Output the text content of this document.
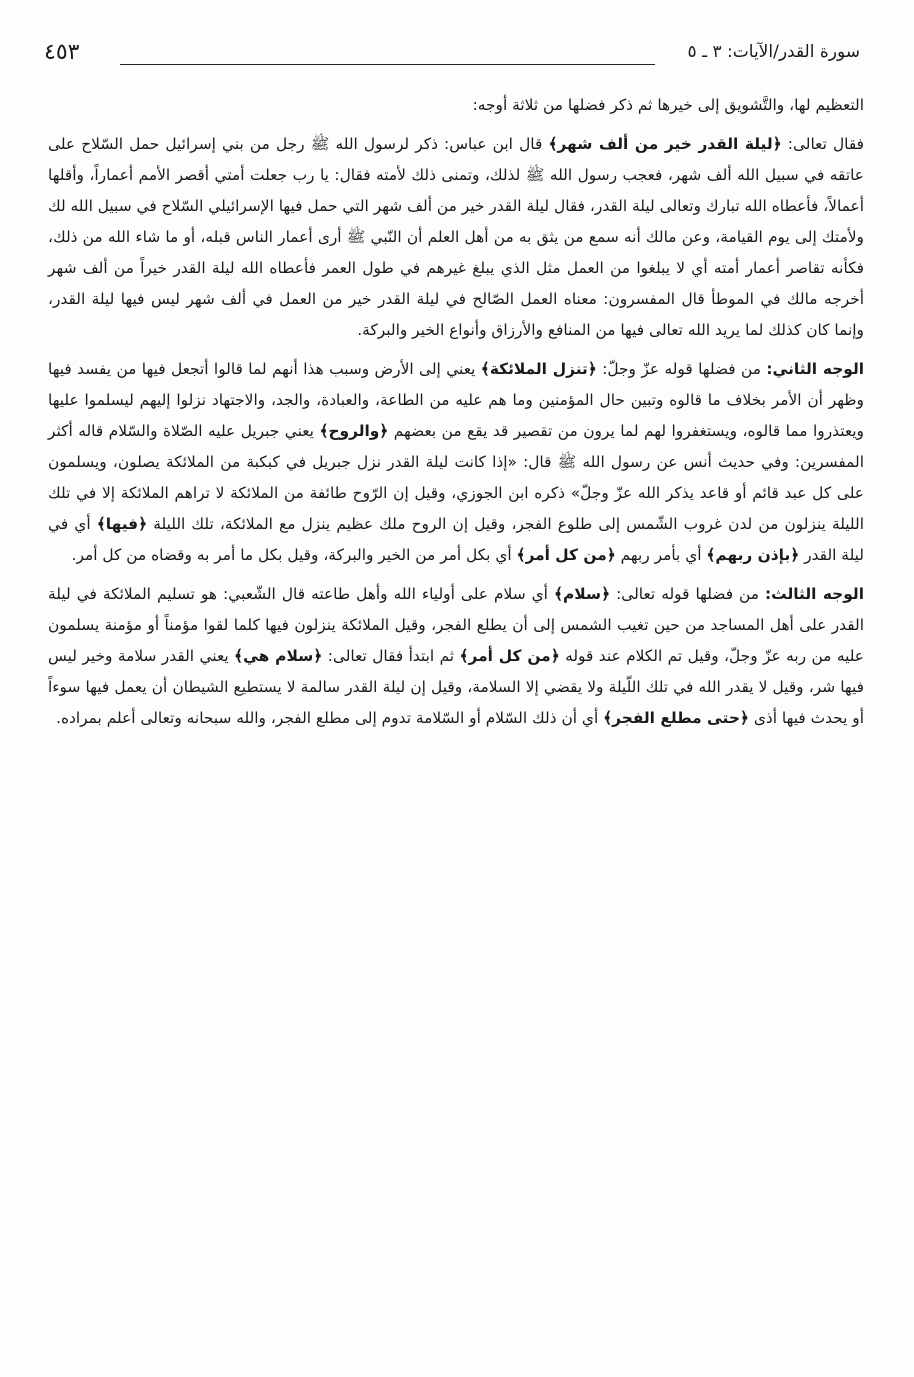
سورة القدر/الآيات: ٣ ـ ٥
٤٥٣

التعظيم لها، والتَّشويق إلى خيرها ثم ذكر فضلها من ثلاثة أوجه:

فقال تعالى: ﴿ليلة القدر خير من ألف شهر﴾ قال ابن عباس: ذكر لرسول الله ﷺ رجل من بني إسرائيل حمل السّلاح على عاتقه في سبيل الله ألف شهر، فعجب رسول الله ﷺ لذلك، وتمنى ذلك لأمته فقال: يا رب جعلت أمتي أقصر الأمم أعماراً، وأقلها أعمالاً، فأعطاه الله تبارك وتعالى ليلة القدر، فقال ليلة القدر خير من ألف شهر التي حمل فيها الإسرائيلي السّلاح في سبيل الله لك ولأمتك إلى يوم القيامة، وعن مالك أنه سمع من يثق به من أهل العلم أن النّبي ﷺ أرى أعمار الناس قبله، أو ما شاء الله من ذلك، فكأنه تقاصر أعمار أمته أي لا يبلغوا من العمل مثل الذي يبلغ غيرهم في طول العمر فأعطاه الله ليلة القدر خيراً من ألف شهر أخرجه مالك في الموطأ قال المفسرون: معناه العمل الصّالح في ليلة القدر خير من العمل في ألف شهر ليس فيها ليلة القدر، وإنما كان كذلك لما يريد الله تعالى فيها من المنافع والأرزاق وأنواع الخير والبركة.

الوجه الثاني: من فضلها قوله عزّ وجلّ: ﴿تنزل الملائكة﴾ يعني إلى الأرض وسبب هذا أنهم لما قالوا أتجعل فيها من يفسد فيها وظهر أن الأمر بخلاف ما قالوه وتبين حال المؤمنين وما هم عليه من الطاعة، والعبادة، والجد، والاجتهاد نزلوا إليهم ليسلموا عليها ويعتذروا مما قالوه، ويستغفروا لهم لما يرون من تقصير قد يقع من بعضهم ﴿والروح﴾ يعني جبريل عليه الصّلاة والسّلام قاله أكثر المفسرين: وفي حديث أنس عن رسول الله ﷺ قال: «إذا كانت ليلة القدر نزل جبريل في كبكبة من الملائكة يصلون، ويسلمون على كل عبد قائم أو قاعد يذكر الله عزّ وجلّ» ذكره ابن الجوزي، وقيل إن الرّوح طائفة من الملائكة لا تراهم الملائكة إلا في تلك الليلة ينزلون من لدن غروب الشّمس إلى طلوع الفجر، وقيل إن الروح ملك عظيم ينزل مع الملائكة، تلك الليلة ﴿فيها﴾ أي في ليلة القدر ﴿بإذن ربهم﴾ أي بأمر ربهم ﴿من كل أمر﴾ أي بكل أمر من الخير والبركة، وقيل بكل ما أمر به وقضاه من كل أمر.

الوجه الثالث: من فضلها قوله تعالى: ﴿سلام﴾ أي سلام على أولياء الله وأهل طاعته قال الشّعبي: هو تسليم الملائكة في ليلة القدر على أهل المساجد من حين تغيب الشمس إلى أن يطلع الفجر، وقيل الملائكة ينزلون فيها كلما لقوا مؤمناً أو مؤمنة يسلمون عليه من ربه عزّ وجلّ، وقيل تم الكلام عند قوله ﴿من كل أمر﴾ ثم ابتدأ فقال تعالى: ﴿سلام هي﴾ يعني القدر سلامة وخير ليس فيها شر، وقيل لا يقدر الله في تلك اللّيلة ولا يقضي إلا السلامة، وقيل إن ليلة القدر سالمة لا يستطيع الشيطان أن يعمل فيها سوءاً أو يحدث فيها أذى ﴿حتى مطلع الفجر﴾ أي أن ذلك السّلام أو السّلامة تدوم إلى مطلع الفجر، والله سبحانه وتعالى أعلم بمراده.
